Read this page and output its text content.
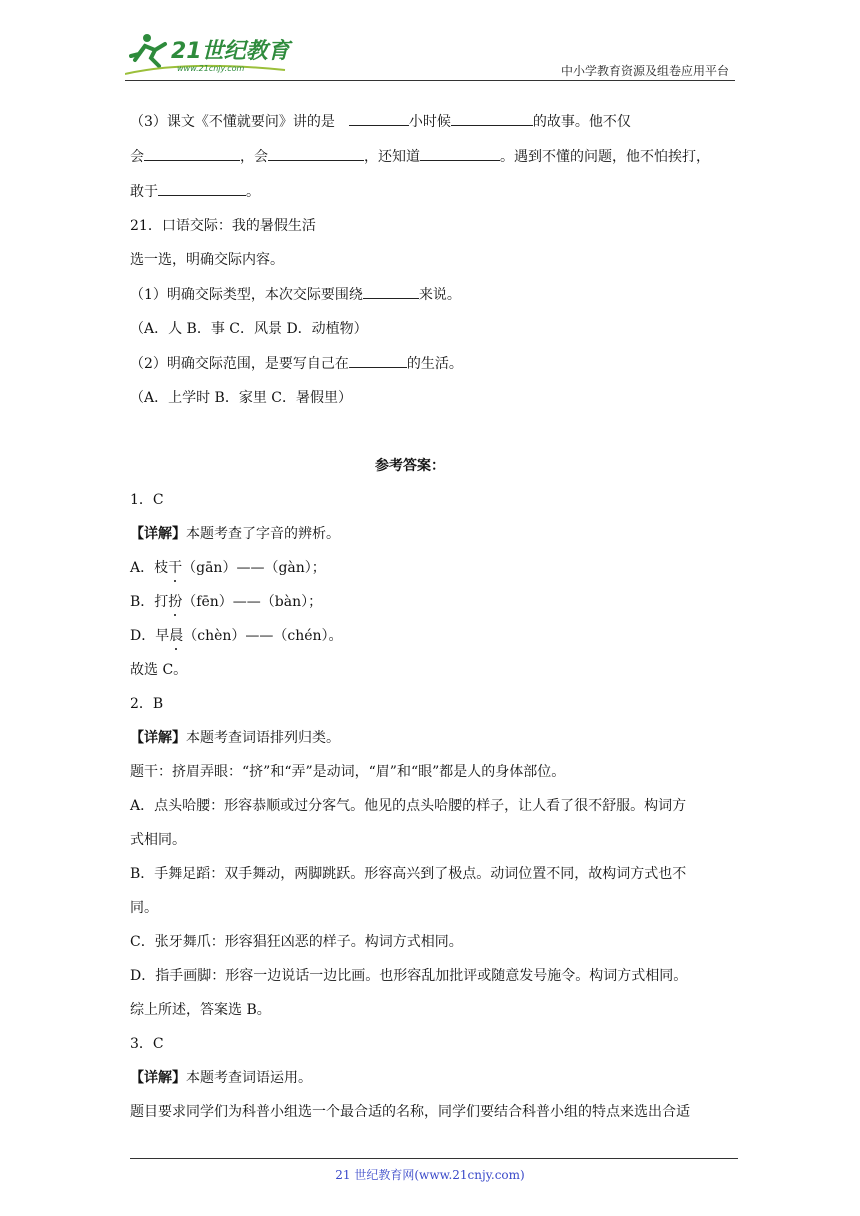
21世纪教育
www.21cnjy.com	中小学教育资源及组卷应用平台

（3）课文《不懂就要问》讲的是	小时候	的故事。他不仅

会	，会	，还知道	。遇到不懂的问题，他不怕挨打，

敢于	。

21．口语交际：我的暑假生活

选一选，明确交际内容。

（1）明确交际类型，本次交际要围绕	来说。

（A．人 B．事 C．风景 D．动植物）

（2）明确交际范围，是要写自己在	的生活。

（A．上学时 B．家里 C．暑假里）

参考答案：

1．C

【详解】本题考查了字音的辨析。

A．枝干（gān）——（gàn）；

B．打扮（fēn）——（bàn）；

D．早晨（chèn）——（chén）。

故选 C。

2．B

【详解】本题考查词语排列归类。

题干：挤眉弄眼：“挤”和“弄”是动词，“眉”和“眼”都是人的身体部位。

A．点头哈腰：形容恭顺或过分客气。他见的点头哈腰的样子，让人看了很不舒服。构词方

式相同。

B．手舞足蹈：双手舞动，两脚跳跃。形容高兴到了极点。动词位置不同，故构词方式也不

同。

C．张牙舞爪：形容猖狂凶恶的样子。构词方式相同。

D．指手画脚：形容一边说话一边比画。也形容乱加批评或随意发号施令。构词方式相同。

综上所述，答案选 B。

3．C

【详解】本题考查词语运用。

题目要求同学们为科普小组选一个最合适的名称，同学们要结合科普小组的特点来选出合适

21 世纪教育网(www.21cnjy.com)
